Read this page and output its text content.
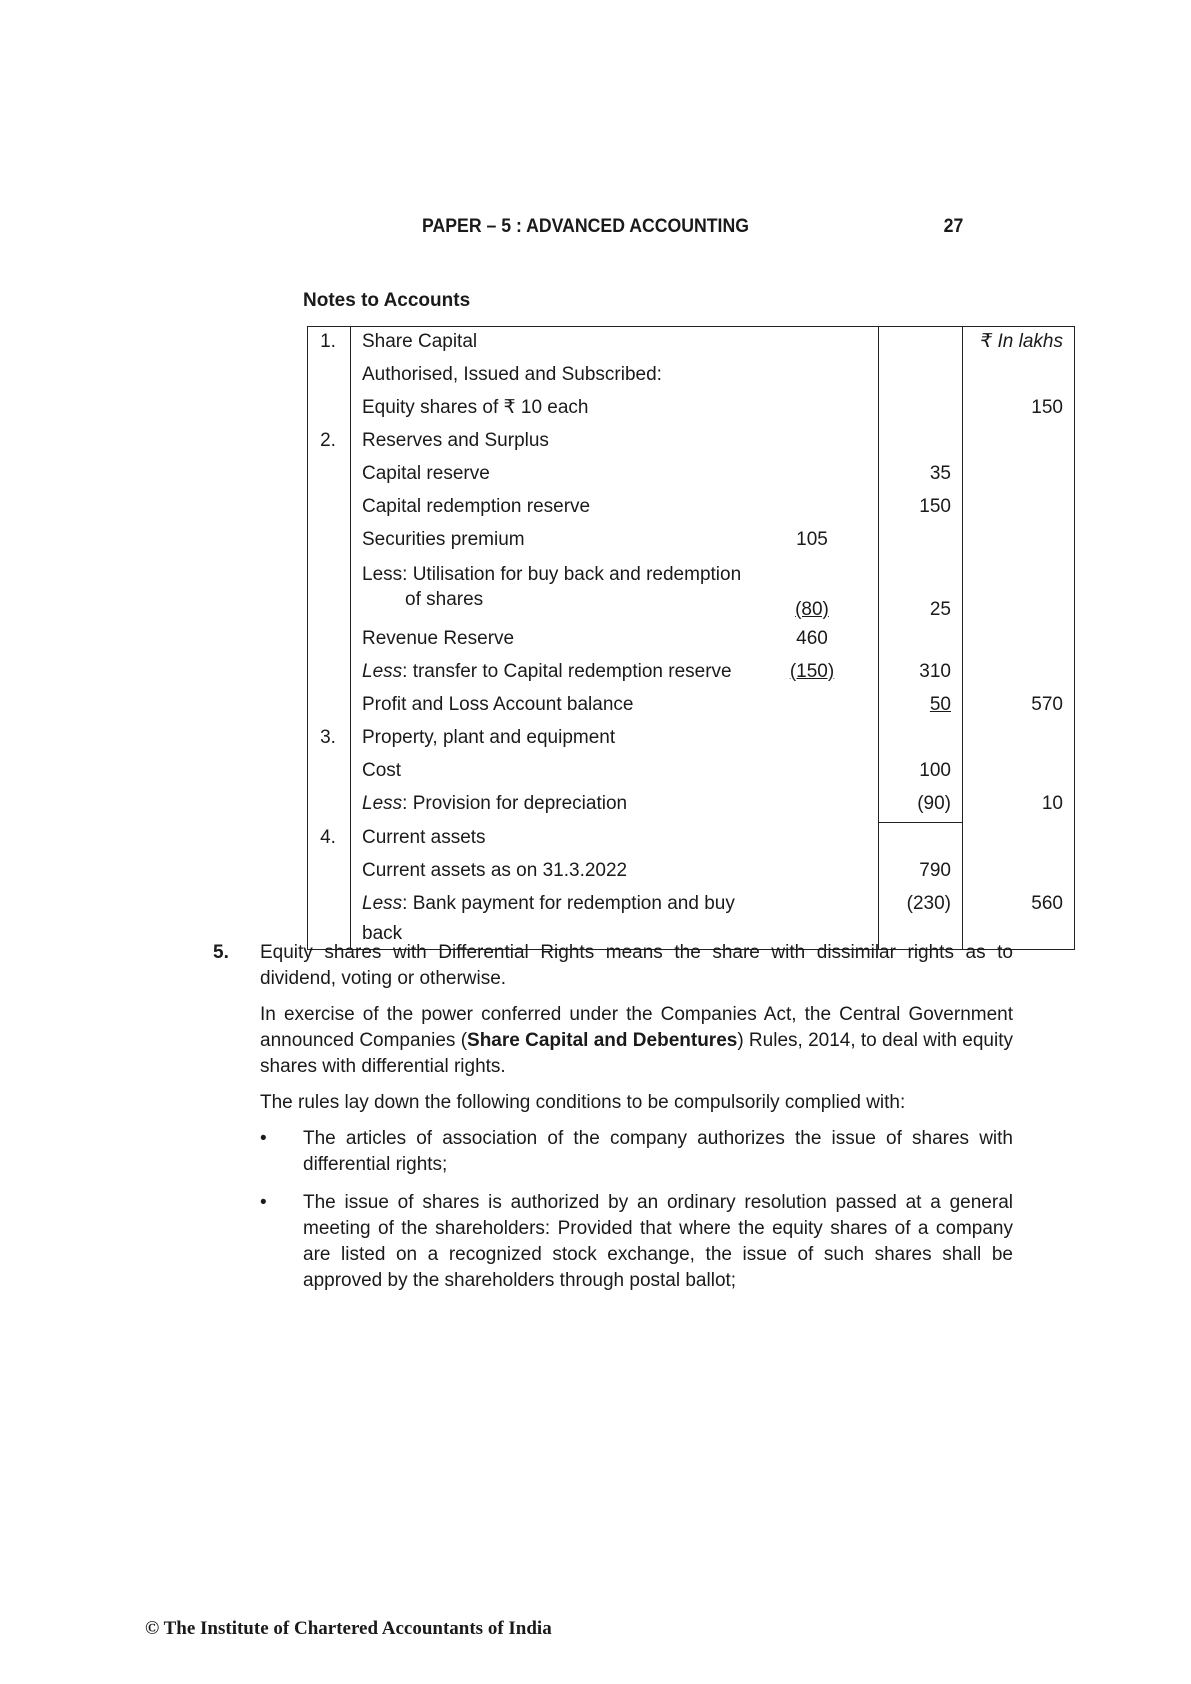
PAPER – 5 : ADVANCED ACCOUNTING	27
Notes to Accounts
1.	Share Capital			₹ In lakhs
	Authorised, Issued and Subscribed:			
	Equity shares of ₹ 10 each			150
2.	Reserves and Surplus			
	Capital reserve		35	
	Capital redemption reserve		150	
	Securities premium	105		
	Less: Utilisation for buy back and redemption
of shares	(80)	25	
	Revenue Reserve	460		
	Less: transfer to Capital redemption reserve	(150)	310	
	Profit and Loss Account balance		50	570
3.	Property, plant and equipment			
	Cost		100	
	Less: Provision for depreciation		(90)	10
4.	Current assets			
	Current assets as on 31.3.2022		790	
	Less: Bank payment for redemption and buy back		(230)	560
5. Equity shares with Differential Rights means the share with dissimilar rights as to dividend, voting or otherwise.

In exercise of the power conferred under the Companies Act, the Central Government announced Companies (Share Capital and Debentures) Rules, 2014, to deal with equity shares with differential rights.

The rules lay down the following conditions to be compulsorily complied with:

• The articles of association of the company authorizes the issue of shares with differential rights;
• The issue of shares is authorized by an ordinary resolution passed at a general meeting of the shareholders: Provided that where the equity shares of a company are listed on a recognized stock exchange, the issue of such shares shall be approved by the shareholders through postal ballot;
© The Institute of Chartered Accountants of India
